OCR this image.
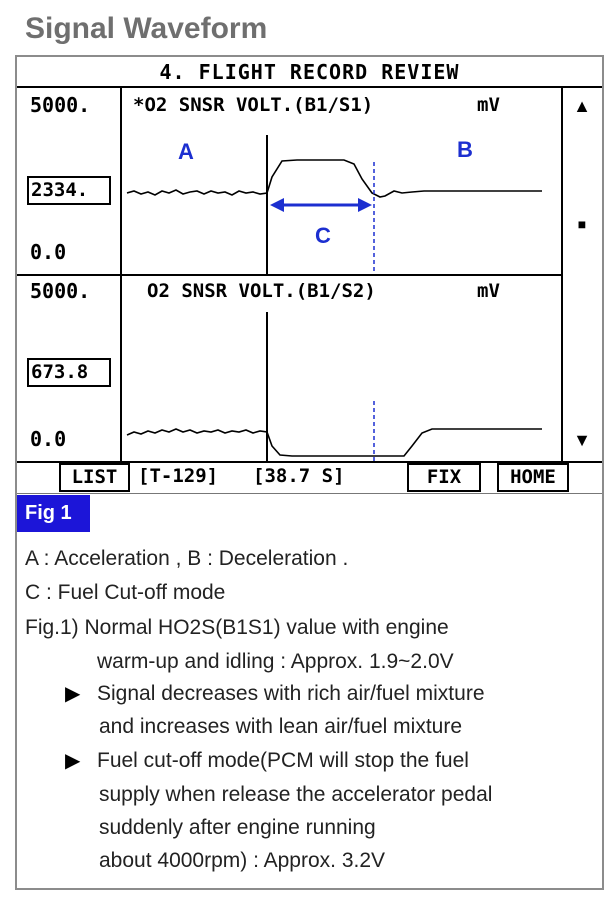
Signal Waveform
4. FLIGHT RECORD REVIEW
5000.
2334.
0.0
*O2 SNSR VOLT.(B1/S1)	mV
A	B
C
5000.
673.8
0.0
O2 SNSR VOLT.(B1/S2)	mV
▲
■
▼
LIST	[T-129] [38.7 S]	FIX	HOME
Fig 1
A : Acceleration , B : Deceleration .
C : Fuel Cut-off mode
Fig.1) Normal HO2S(B1S1) value with engine
warm-up and idling : Approx. 1.9~2.0V
▶ Signal decreases with rich air/fuel mixture
and increases with lean air/fuel mixture
▶ Fuel cut-off mode(PCM will stop the fuel
supply when release the accelerator pedal
suddenly after engine running
about 4000rpm) : Approx. 3.2V
